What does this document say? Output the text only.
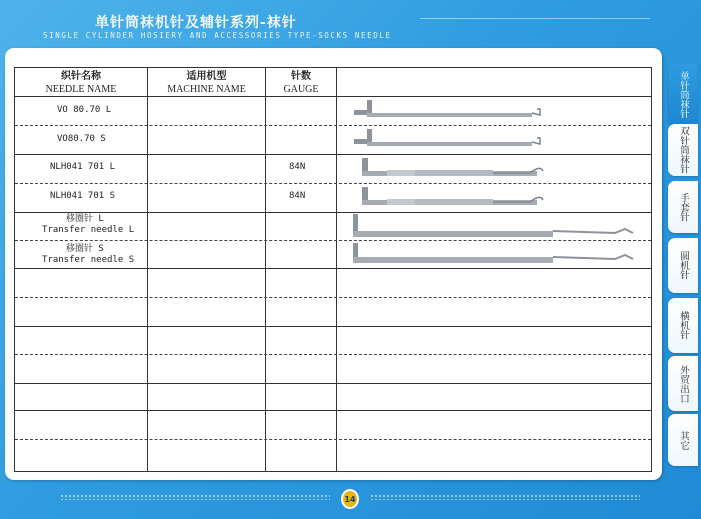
单针筒袜机针及辅针系列-袜针
SINGLE CYLINDER HOSIERY AND ACCESSORIES TYPE-SOCKS NEEDLE
织针名称
NEEDLE NAME
适用机型
MACHINE NAME
针数
GAUGE
VO 80.70 L
VO80.70 S
NLH041 701 L
NLH041 701 S
84N
84N
移圈针 L
Transfer needle L
移圈针 S
Transfer needle S
单针筒袜针
双针筒袜针
手套针
圆机针
横机针
外贸出口
其它
14
